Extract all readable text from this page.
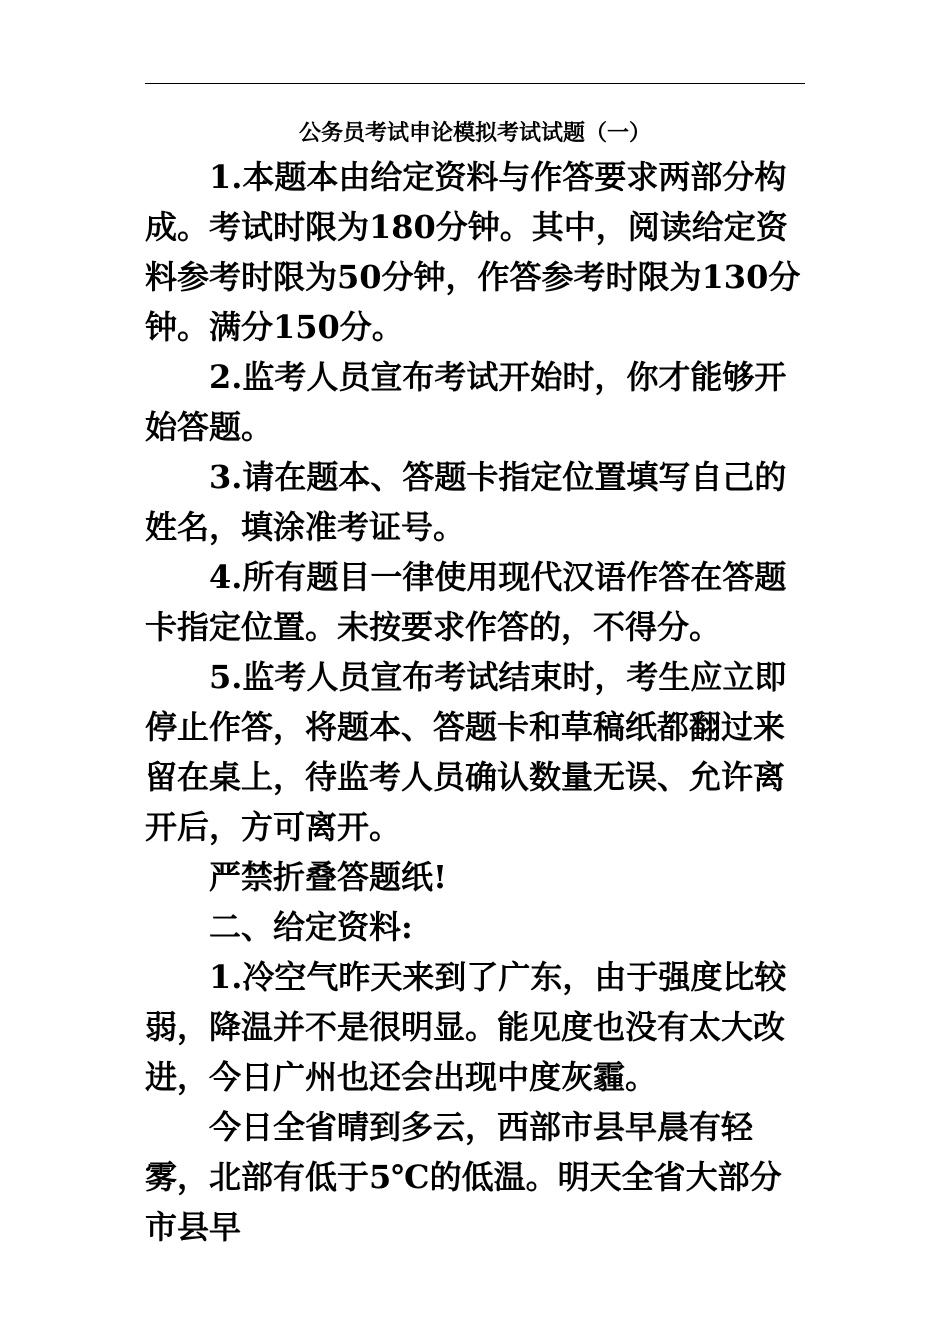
公务员考试申论模拟考试试题（一）

1.本题本由给定资料与作答要求两部分构成。考试时限为180分钟。其中，阅读给定资料参考时限为50分钟，作答参考时限为130分钟。满分150分。

2.监考人员宣布考试开始时，你才能够开始答题。

3.请在题本、答题卡指定位置填写自己的姓名，填涂准考证号。

4.所有题目一律使用现代汉语作答在答题卡指定位置。未按要求作答的，不得分。

5.监考人员宣布考试结束时，考生应立即停止作答，将题本、答题卡和草稿纸都翻过来留在桌上，待监考人员确认数量无误、允许离开后，方可离开。

严禁折叠答题纸!

二、给定资料:

1.冷空气昨天来到了广东，由于强度比较弱，降温并不是很明显。能见度也没有太大改进，今日广州也还会出现中度灰霾。

今日全省晴到多云，西部市县早晨有轻雾，北部有低于5℃的低温。明天全省大部分市县早
